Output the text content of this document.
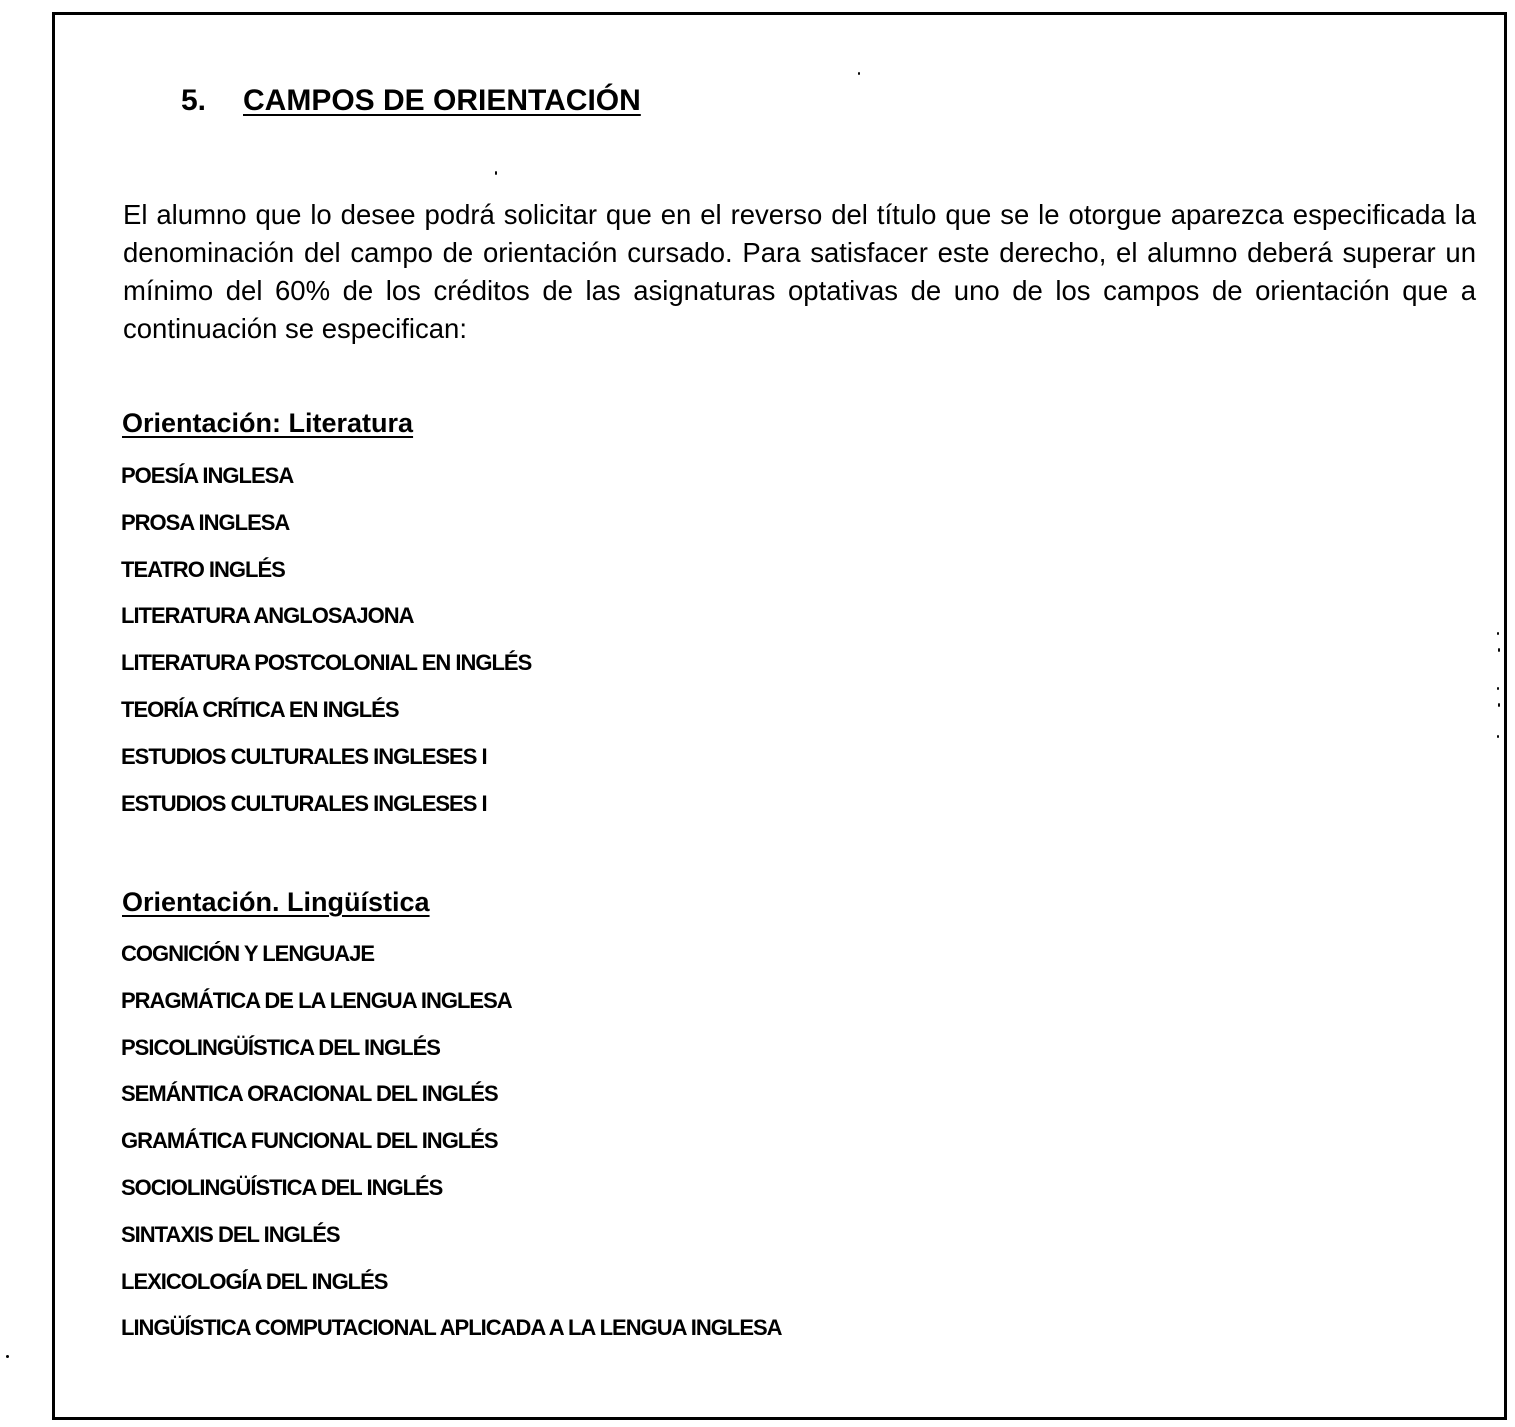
5. CAMPOS DE ORIENTACIÓN

El alumno que lo desee podrá solicitar que en el reverso del título que se le otorgue aparezca especificada la denominación del campo de orientación cursado. Para satisfacer este derecho, el alumno deberá superar un mínimo del 60% de los créditos de las asignaturas optativas de uno de los campos de orientación que a continuación se especifican:

Orientación: Literatura
POESÍA INGLESA
PROSA INGLESA
TEATRO INGLÉS
LITERATURA ANGLOSAJONA
LITERATURA POSTCOLONIAL EN INGLÉS
TEORÍA CRÍTICA EN INGLÉS
ESTUDIOS CULTURALES INGLESES I
ESTUDIOS CULTURALES INGLESES I
Orientación. Lingüística
COGNICIÓN Y LENGUAJE
PRAGMÁTICA DE LA LENGUA INGLESA
PSICOLINGÜÍSTICA DEL INGLÉS
SEMÁNTICA ORACIONAL DEL INGLÉS
GRAMÁTICA FUNCIONAL DEL INGLÉS
SOCIOLINGÜÍSTICA DEL INGLÉS
SINTAXIS DEL INGLÉS
LEXICOLOGÍA DEL INGLÉS
LINGÜÍSTICA COMPUTACIONAL APLICADA A LA LENGUA INGLESA
